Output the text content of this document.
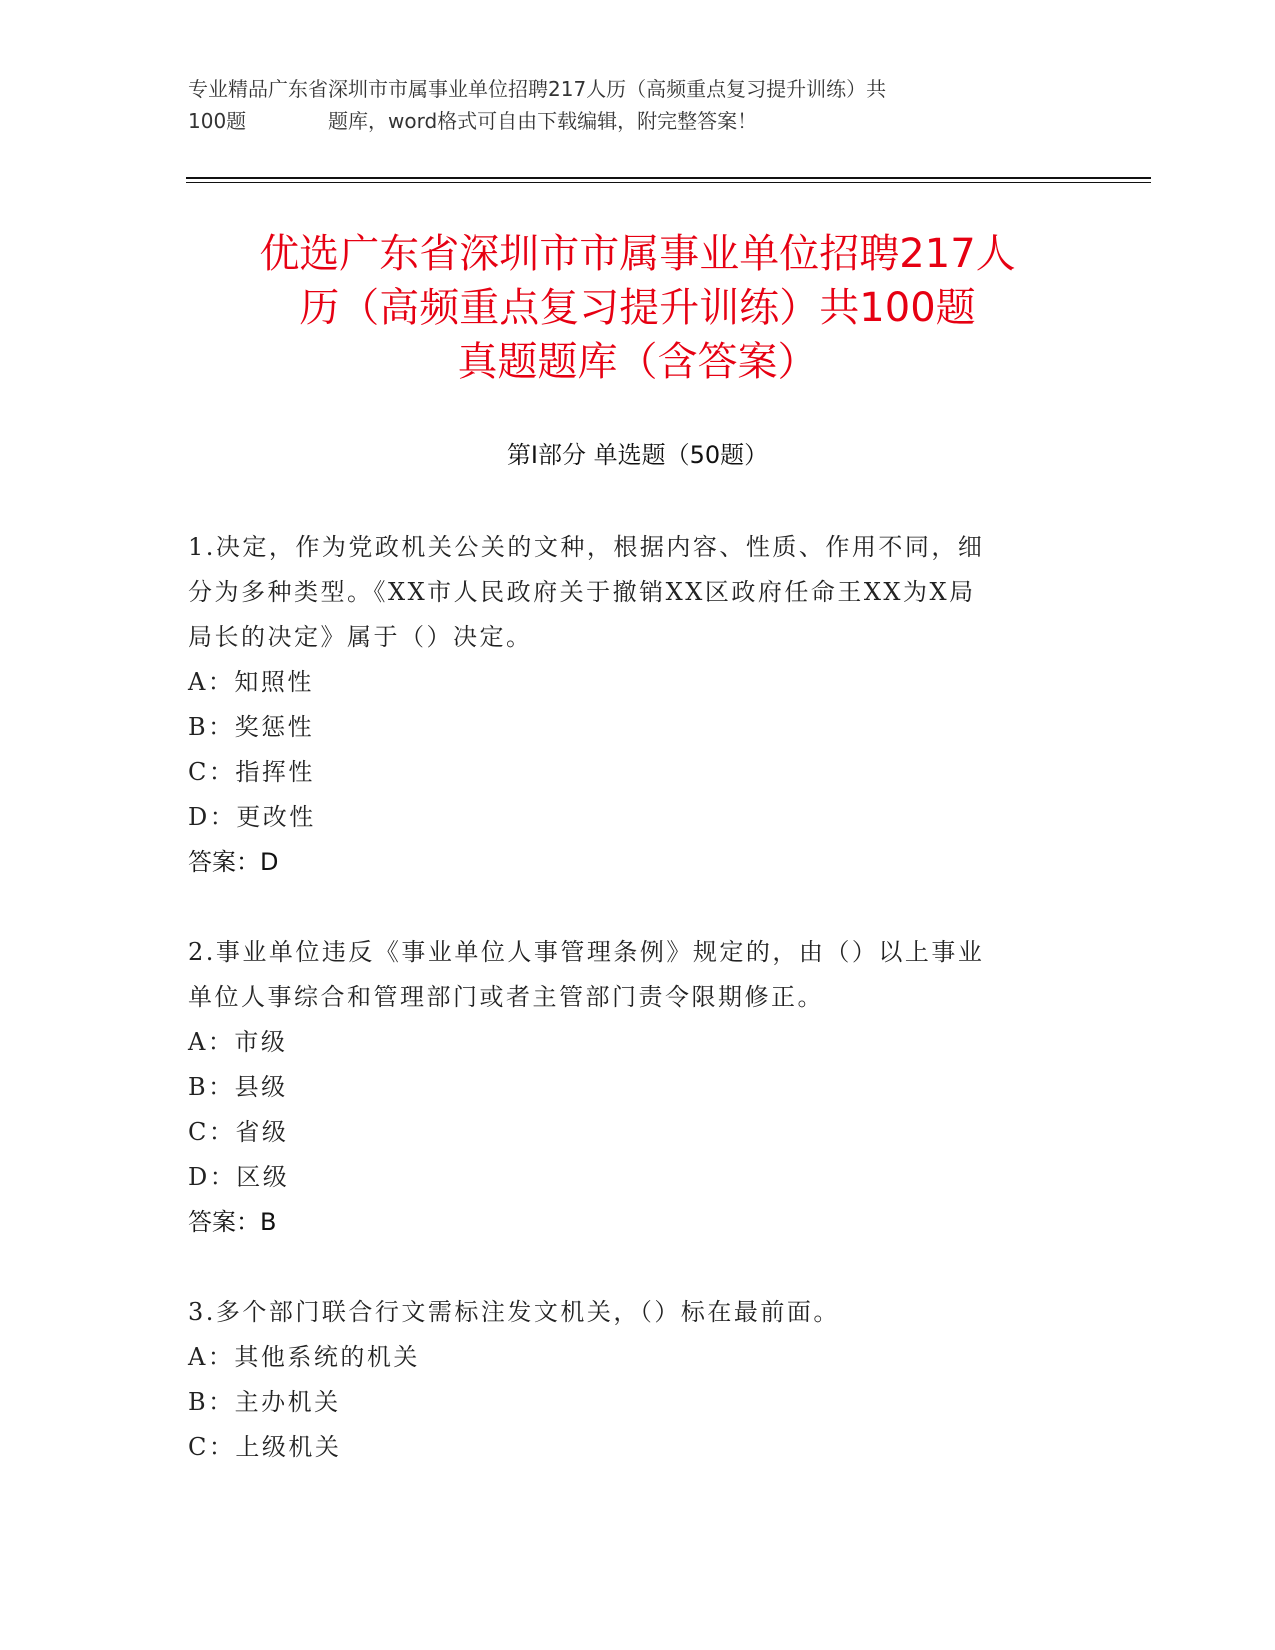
专业精品广东省深圳市市属事业单位招聘217人历（高频重点复习提升训练）共
100题	题库，word格式可自由下载编辑，附完整答案！
优选广东省深圳市市属事业单位招聘217人
历（高频重点复习提升训练）共100题
真题题库（含答案）
第I部分 单选题（50题）
1.决定，作为党政机关公关的文种，根据内容、性质、作用不同，细
分为多种类型。《XX市人民政府关于撤销XX区政府任命王XX为X局
局长的决定》属于（）决定。
A：知照性
B：奖惩性
C：指挥性
D：更改性
答案：D
2.事业单位违反《事业单位人事管理条例》规定的，由（）以上事业
单位人事综合和管理部门或者主管部门责令限期修正。
A：市级
B：县级
C：省级
D：区级
答案：B
3.多个部门联合行文需标注发文机关，（）标在最前面。
A：其他系统的机关
B：主办机关
C：上级机关
